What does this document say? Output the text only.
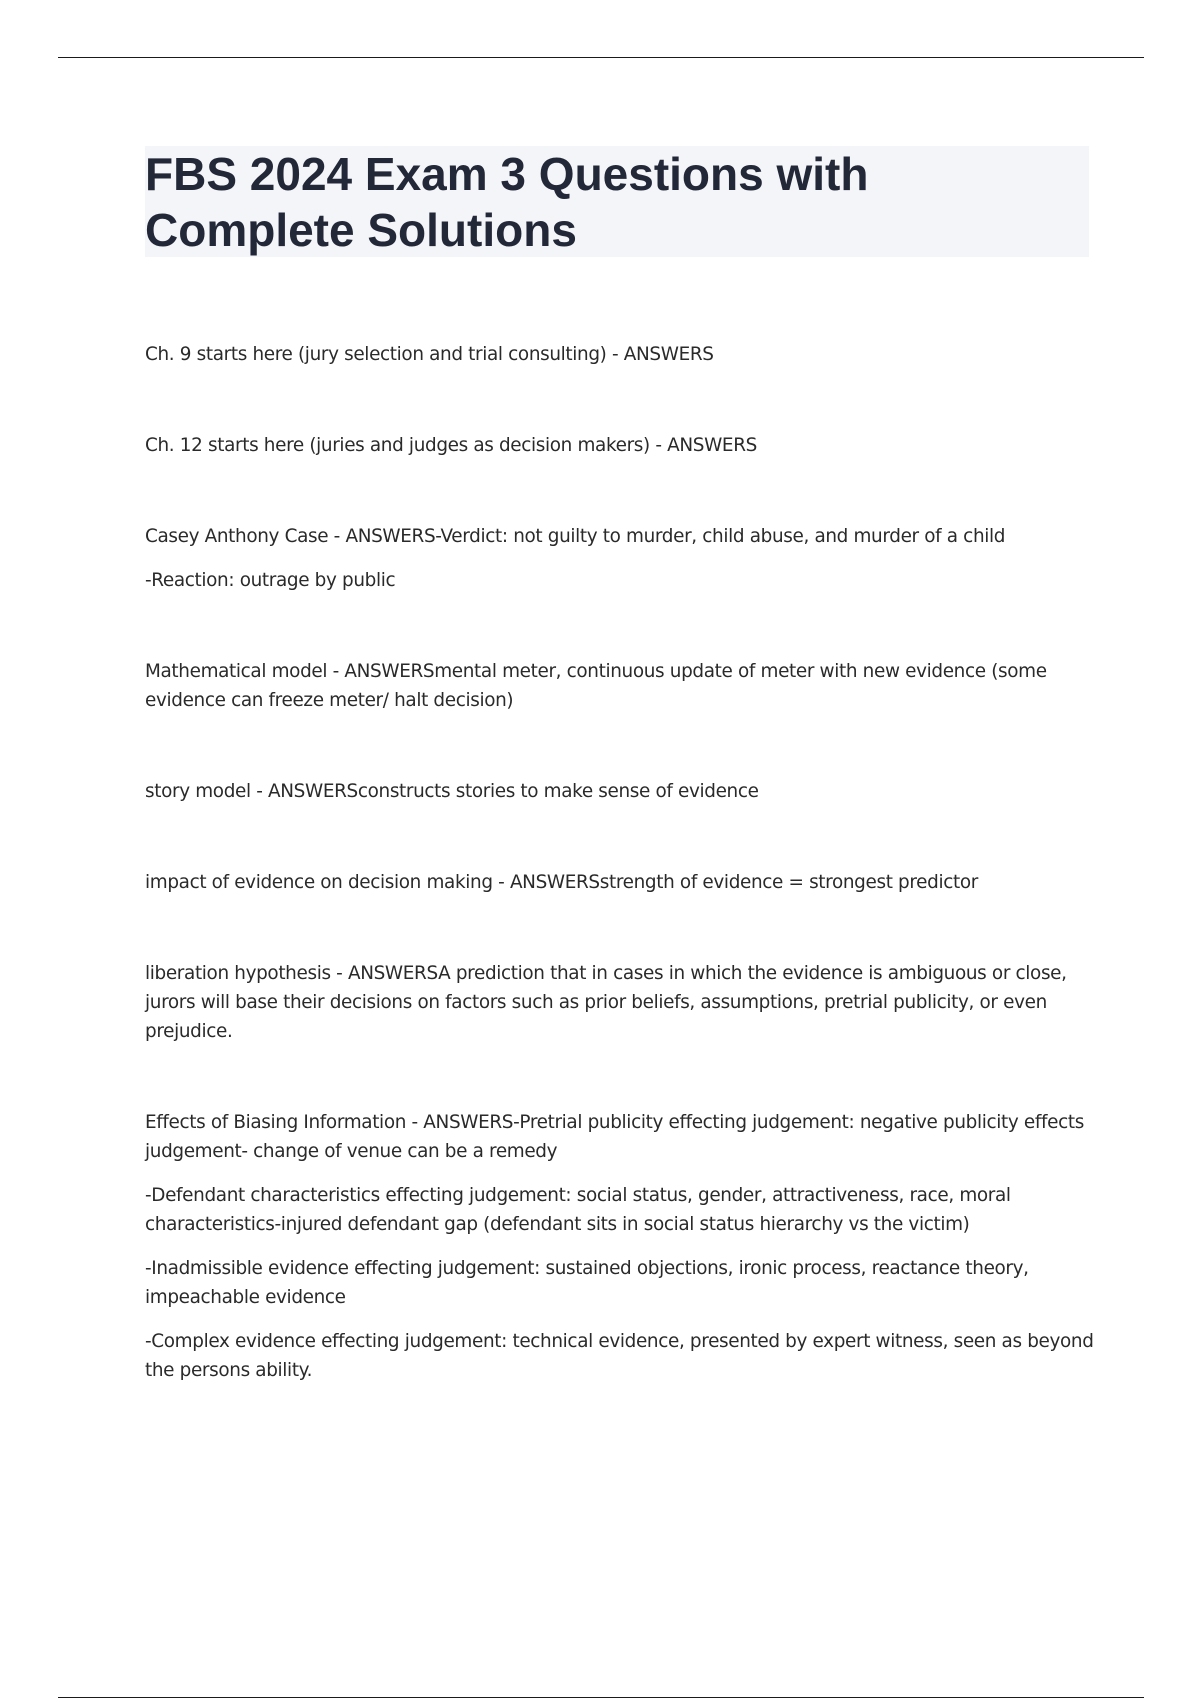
FBS 2024 Exam 3 Questions with Complete Solutions

Ch. 9 starts here (jury selection and trial consulting) - ANSWERS

Ch. 12 starts here (juries and judges as decision makers) - ANSWERS

Casey Anthony Case - ANSWERS-Verdict: not guilty to murder, child abuse, and murder of a child

-Reaction: outrage by public

Mathematical model - ANSWERSmental meter, continuous update of meter with new evidence (some evidence can freeze meter/ halt decision)

story model - ANSWERSconstructs stories to make sense of evidence

impact of evidence on decision making - ANSWERSstrength of evidence = strongest predictor

liberation hypothesis - ANSWERSA prediction that in cases in which the evidence is ambiguous or close, jurors will base their decisions on factors such as prior beliefs, assumptions, pretrial publicity, or even prejudice.

Effects of Biasing Information - ANSWERS-Pretrial publicity effecting judgement: negative publicity effects judgement- change of venue can be a remedy

-Defendant characteristics effecting judgement: social status, gender, attractiveness, race, moral characteristics-injured defendant gap (defendant sits in social status hierarchy vs the victim)

-Inadmissible evidence effecting judgement: sustained objections, ironic process, reactance theory, impeachable evidence

-Complex evidence effecting judgement: technical evidence, presented by expert witness, seen as beyond the persons ability.
